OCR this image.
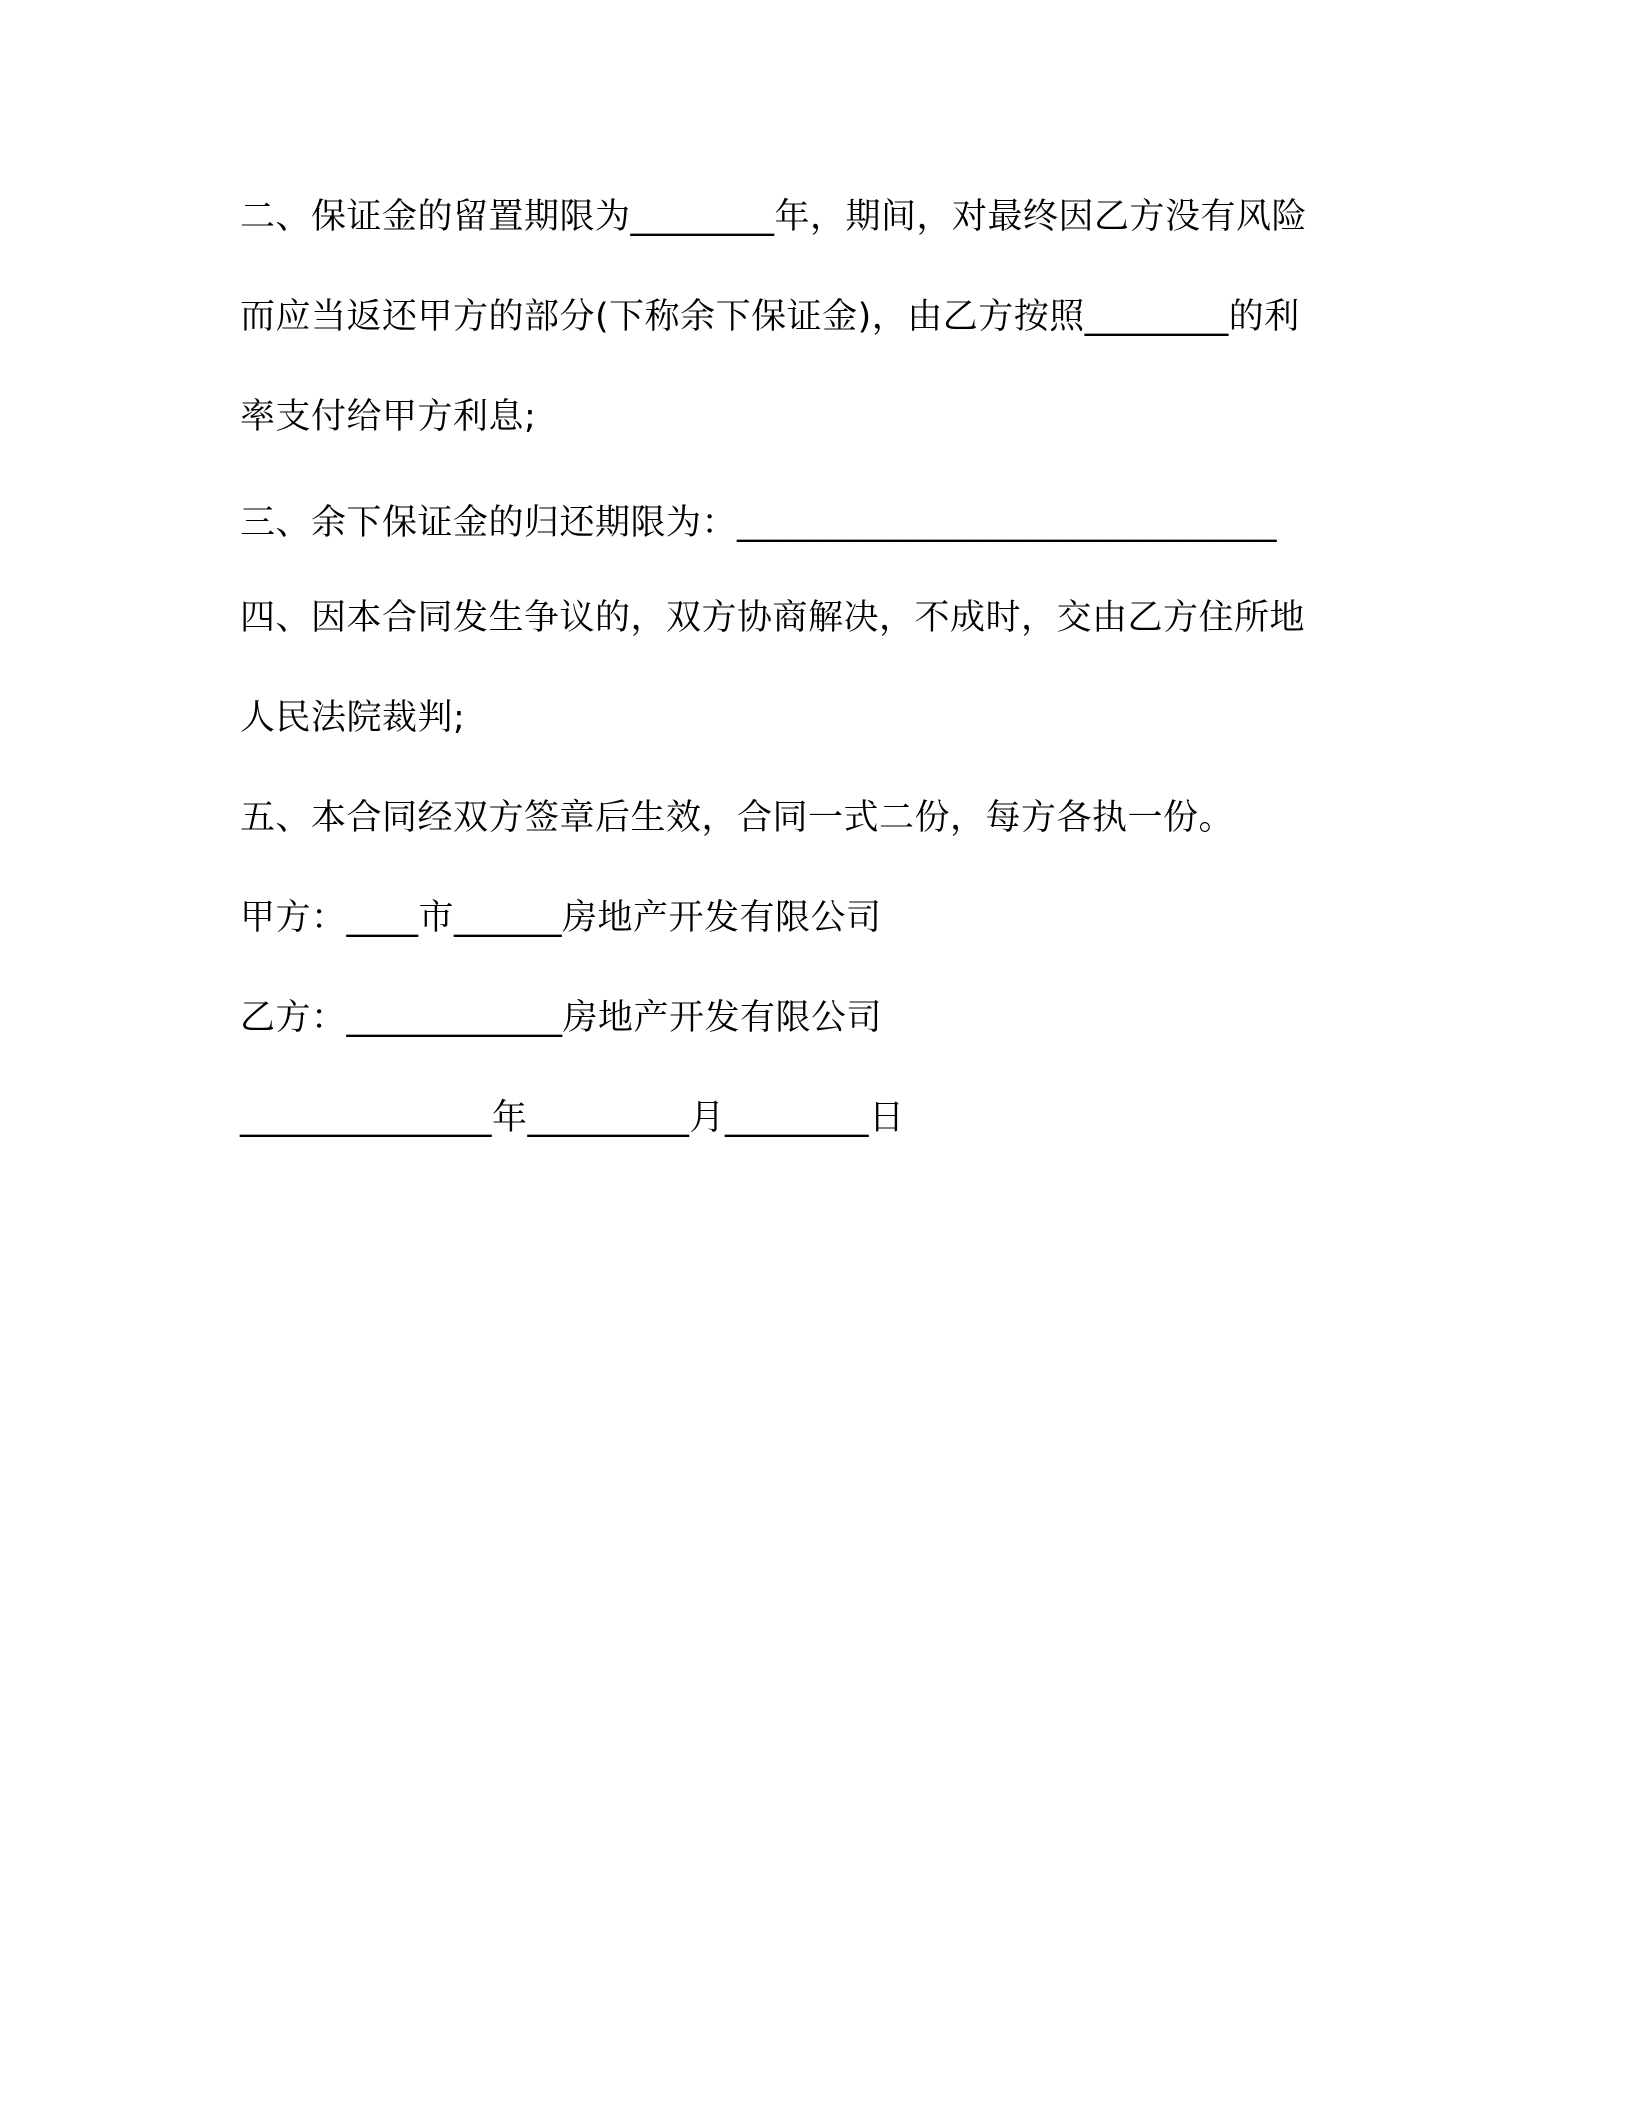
二、保证金的留置期限为________年，期间，对最终因乙方没有风险
而应当返还甲方的部分(下称余下保证金)，由乙方按照________的利
率支付给甲方利息;
三、余下保证金的归还期限为：______________________________
四、因本合同发生争议的，双方协商解决，不成时，交由乙方住所地
人民法院裁判;
五、本合同经双方签章后生效，合同一式二份，每方各执一份。
甲方：____市______房地产开发有限公司
乙方：____________房地产开发有限公司
______________年_________月________日
